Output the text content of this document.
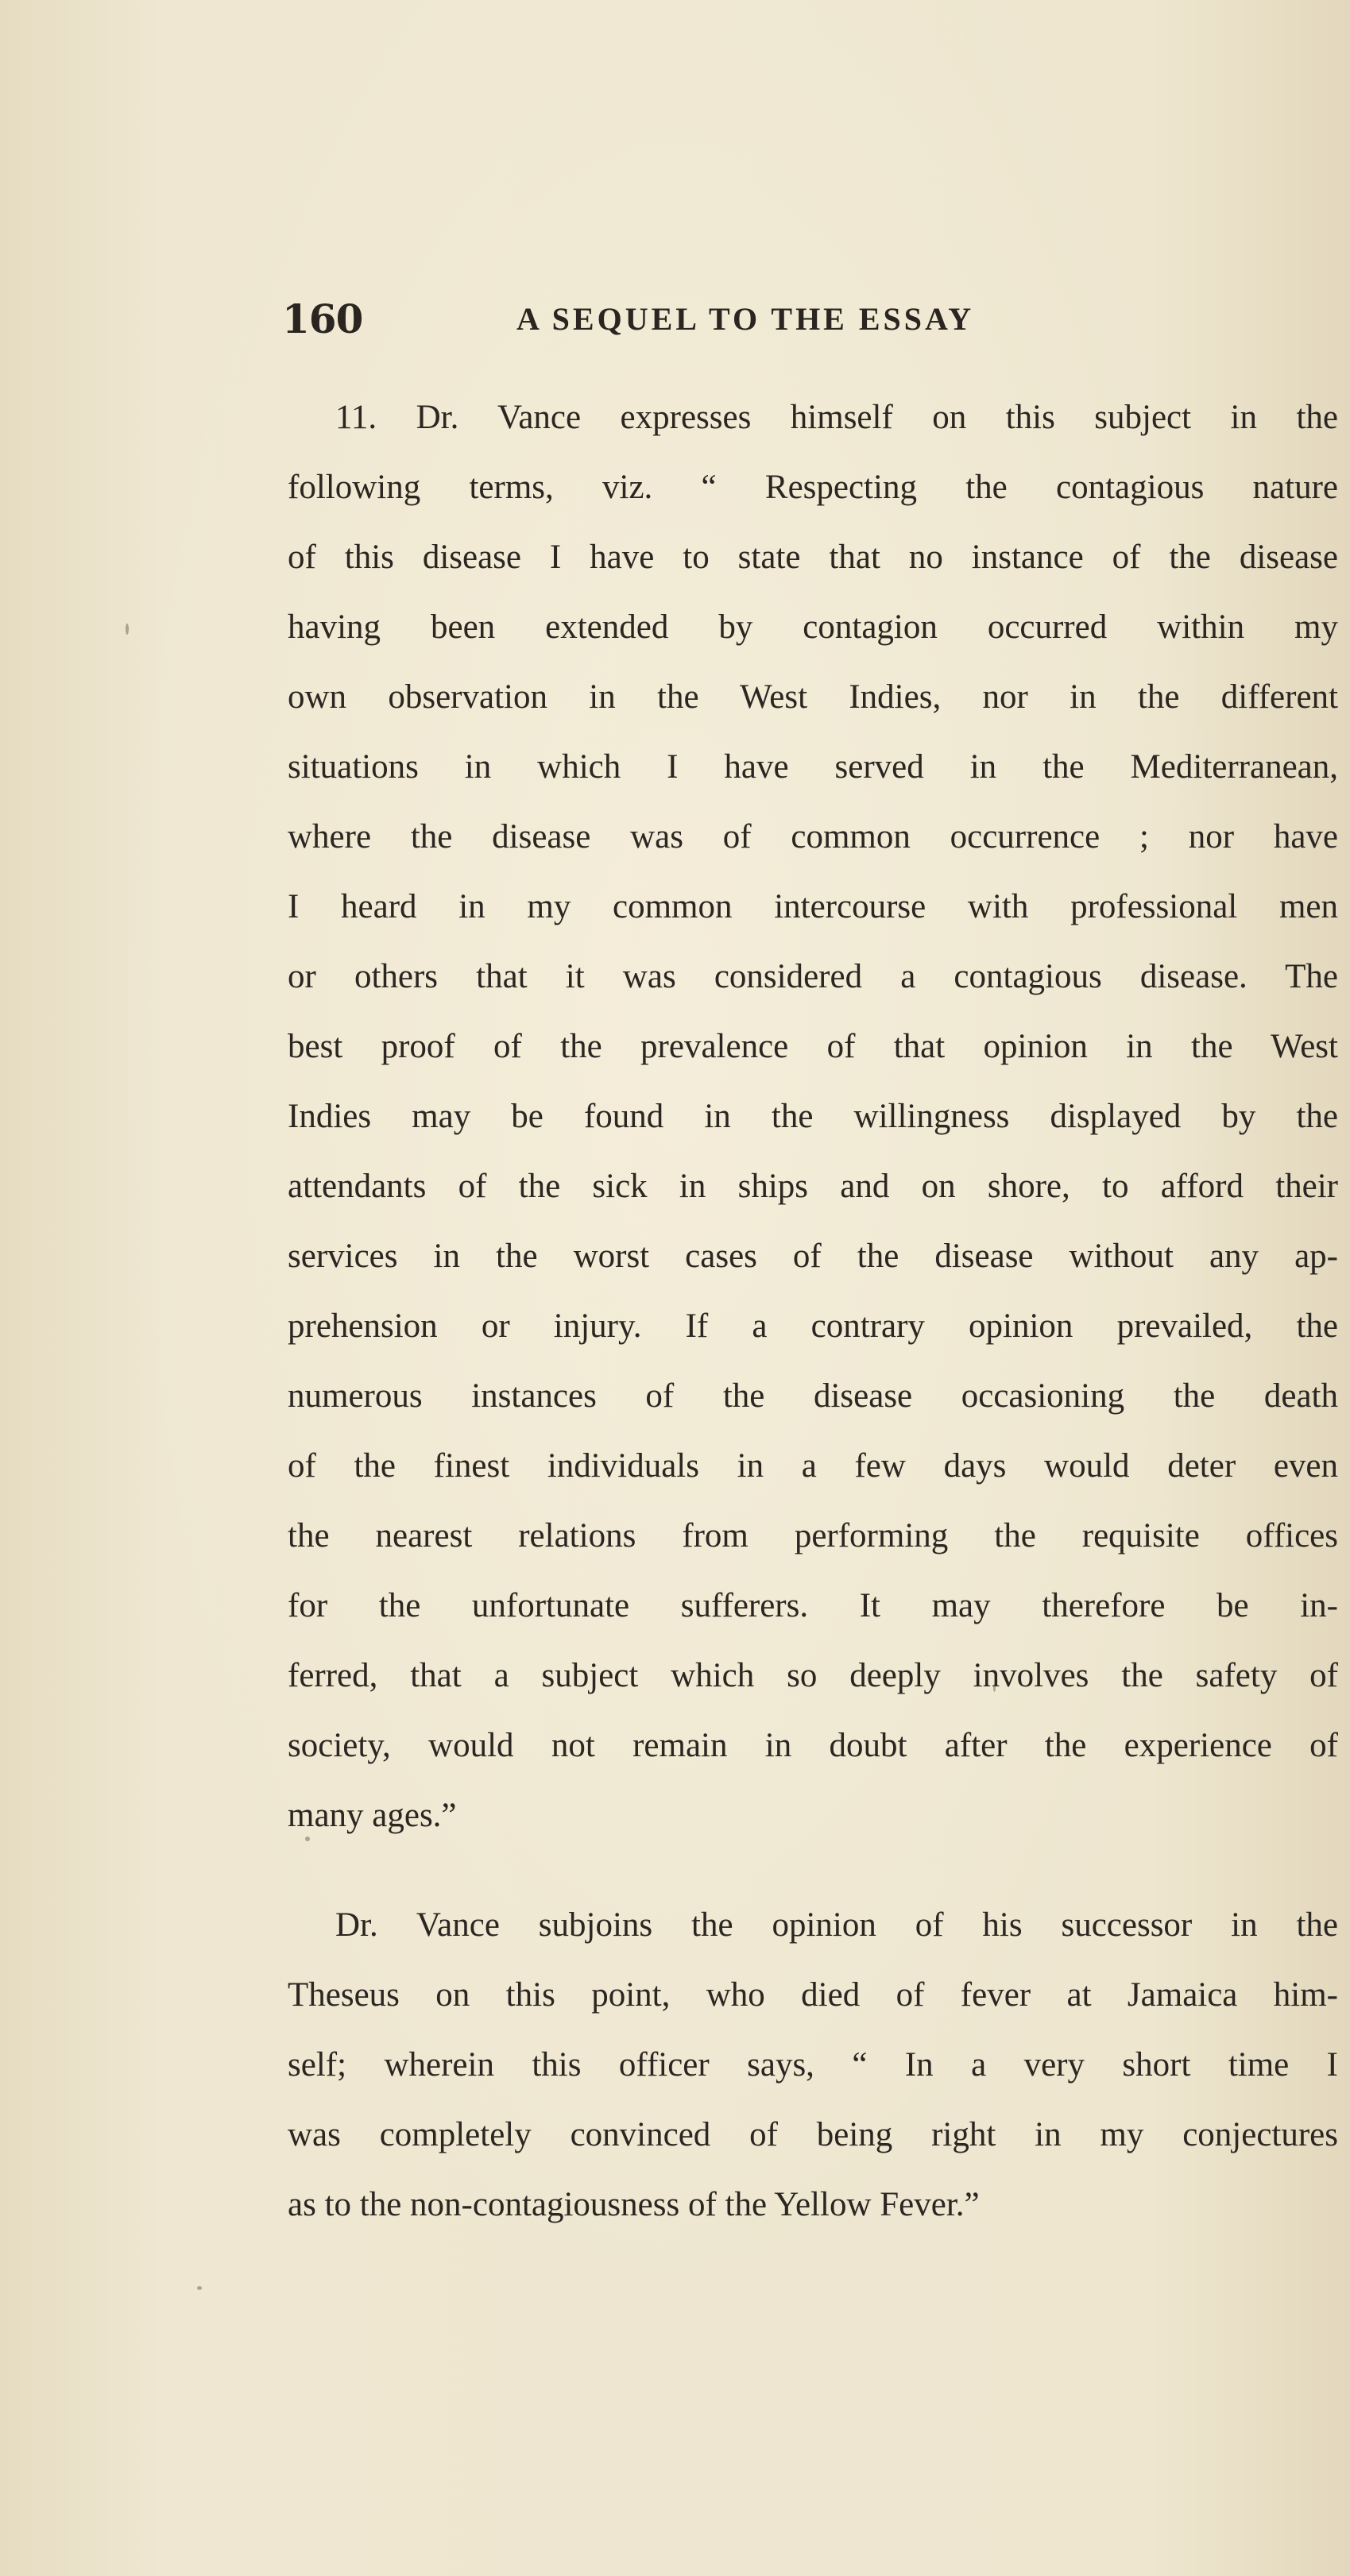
160	A SEQUEL TO THE ESSAY
11. Dr. Vance expresses himself on this subject in the
following terms, viz. “ Respecting the contagious nature
of this disease I have to state that no instance of the disease
having been extended by contagion occurred within my
own observation in the West Indies, nor in the different
situations in which I have served in the Mediterranean,
where the disease was of common occurrence ; nor have
I heard in my common intercourse with professional men
or others that it was considered a contagious disease. The
best proof of the prevalence of that opinion in the West
Indies may be found in the willingness displayed by the
attendants of the sick in ships and on shore, to afford their
services in the worst cases of the disease without any ap-
prehension or injury. If a contrary opinion prevailed, the
numerous instances of the disease occasioning the death
of the finest individuals in a few days would deter even
the nearest relations from performing the requisite offices
for the unfortunate sufferers. It may therefore be in-
ferred, that a subject which so deeply involves the safety of
society, would not remain in doubt after the experience of
many ages.”
Dr. Vance subjoins the opinion of his successor in the
Theseus on this point, who died of fever at Jamaica him-
self; wherein this officer says, “ In a very short time I
was completely convinced of being right in my conjectures
as to the non-contagiousness of the Yellow Fever.”
